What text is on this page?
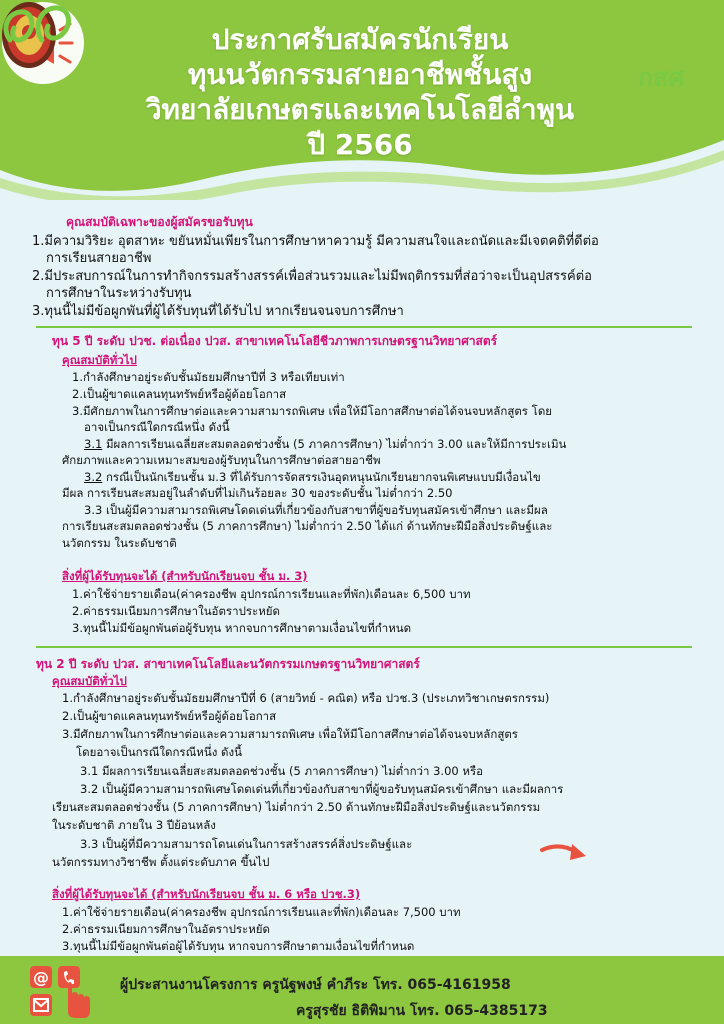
ประกาศรับสมัครนักเรียน
ทุนนวัตกรรมสายอาชีพชั้นสูง
วิทยาลัยเกษตรและเทคโนโลยีลำพูน
ปี 2566
กสศ
คุณสมบัติเฉพาะของผู้สมัครขอรับทุน
1.มีความวิริยะ อุตสาหะ ขยันหมั่นเพียรในการศึกษาหาความรู้ มีความสนใจและถนัดและมีเจตคติที่ดีต่อ
การเรียนสายอาชีพ
2.มีประสบการณ์ในการทำกิจกรรมสร้างสรรค์เพื่อส่วนรวมและไม่มีพฤติกรรมที่ส่อว่าจะเป็นอุปสรรค์ต่อ
การศึกษาในระหว่างรับทุน
3.ทุนนี้ไม่มีข้อผูกพันที่ผู้ได้รับทุนที่ได้รับไป หากเรียนจนจบการศึกษา
ทุน 5 ปี ระดับ ปวช. ต่อเนื่อง ปวส. สาขาเทคโนโลยีชีวภาพการเกษตรฐานวิทยาศาสตร์
คุณสมบัติทั่วไป
1.กำลังศึกษาอยู่ระดับชั้นมัธยมศึกษาปีที่ 3 หรือเทียบเท่า
2.เป็นผู้ขาดแคลนทุนทรัพย์หรือผู้ด้อยโอกาส
3.มีศักยภาพในการศึกษาต่อและความสามารถพิเศษ เพื่อให้มีโอกาสศึกษาต่อได้จนจบหลักสูตร โดย
อาจเป็นกรณีใดกรณีหนึ่ง ดังนี้
3.1 มีผลการเรียนเฉลี่ยสะสมตลอดช่วงชั้น (5 ภาคการศึกษา) ไม่ต่ำกว่า 3.00 และให้มีการประเมิน
ศักยภาพและความเหมาะสมของผู้รับทุนในการศึกษาต่อสายอาชีพ
3.2 กรณีเป็นนักเรียนชั้น ม.3 ที่ได้รับการจัดสรรเงินอุดหนุนนักเรียนยากจนพิเศษแบบมีเงื่อนไข
มีผล การเรียนสะสมอยู่ในลำดับที่ไม่เกินร้อยละ 30 ของระดับชั้น ไม่ต่ำกว่า 2.50
3.3 เป็นผู้มีความสามารถพิเศษโดดเด่นที่เกี่ยวข้องกับสาขาที่ผู้ขอรับทุนสมัครเข้าศึกษา และมีผล
การเรียนสะสมตลอดช่วงชั้น (5 ภาคการศึกษา) ไม่ต่ำกว่า 2.50 ได้แก่ ด้านทักษะฝีมือสิ่งประดิษฐ์และ
นวัตกรรม ในระดับชาติ
สิ่งที่ผู้ได้รับทุนจะได้ (สำหรับนักเรียนจบ ชั้น ม. 3)
1.ค่าใช้จ่ายรายเดือน(ค่าครองชีพ อุปกรณ์การเรียนและที่พัก)เดือนละ 6,500 บาท
2.ค่าธรรมเนียมการศึกษาในอัตราประหยัด
3.ทุนนี้ไม่มีข้อผูกพันต่อผู้รับทุน หากจบการศึกษาตามเงื่อนไขที่กำหนด
ทุน 2 ปี ระดับ ปวส. สาขาเทคโนโลยีและนวัตกรรมเกษตรฐานวิทยาศาสตร์
คุณสมบัติทั่วไป
1.กำลังศึกษาอยู่ระดับชั้นมัธยมศึกษาปีที่ 6 (สายวิทย์ - คณิต) หรือ ปวช.3 (ประเภทวิชาเกษตรกรรม)
2.เป็นผู้ขาดแคลนทุนทรัพย์หรือผู้ด้อยโอกาส
3.มีศักยภาพในการศึกษาต่อและความสามารถพิเศษ เพื่อให้มีโอกาสศึกษาต่อได้จนจบหลักสูตร
โดยอาจเป็นกรณีใดกรณีหนึ่ง ดังนี้
3.1 มีผลการเรียนเฉลี่ยสะสมตลอดช่วงชั้น (5 ภาคการศึกษา) ไม่ต่ำกว่า 3.00 หรือ
3.2 เป็นผู้มีความสามารถพิเศษโดดเด่นที่เกี่ยวข้องกับสาขาที่ผู้ขอรับทุนสมัครเข้าศึกษา และมีผลการ
เรียนสะสมตลอดช่วงชั้น (5 ภาคการศึกษา) ไม่ต่ำกว่า 2.50 ด้านทักษะฝีมือสิ่งประดิษฐ์และนวัตกรรม
ในระดับชาติ ภายใน 3 ปีย้อนหลัง
3.3 เป็นผู้ที่มีความสามารถโดนเด่นในการสร้างสรรค์สิ่งประดิษฐ์และ
นวัตกรรมทางวิชาชีพ ตั้งแต่ระดับภาค ขึ้นไป
สิ่งที่ผู้ได้รับทุนจะได้ (สำหรับนักเรียนจบ ชั้น ม. 6 หรือ ปวช.3)
1.ค่าใช้จ่ายรายเดือน(ค่าครองชีพ อุปกรณ์การเรียนและที่พัก)เดือนละ 7,500 บาท
2.ค่าธรรมเนียมการศึกษาในอัตราประหยัด
3.ทุนนี้ไม่มีข้อผูกพันต่อผู้ได้รับทุน หากจบการศึกษาตามเงื่อนไขที่กำหนด
ผู้ประสานงานโครงการ ครูนัฐพงษ์ คำภีระ โทร. 065-4161958
ครูสุรชัย ธิติพิมาน โทร. 065-4385173
@
